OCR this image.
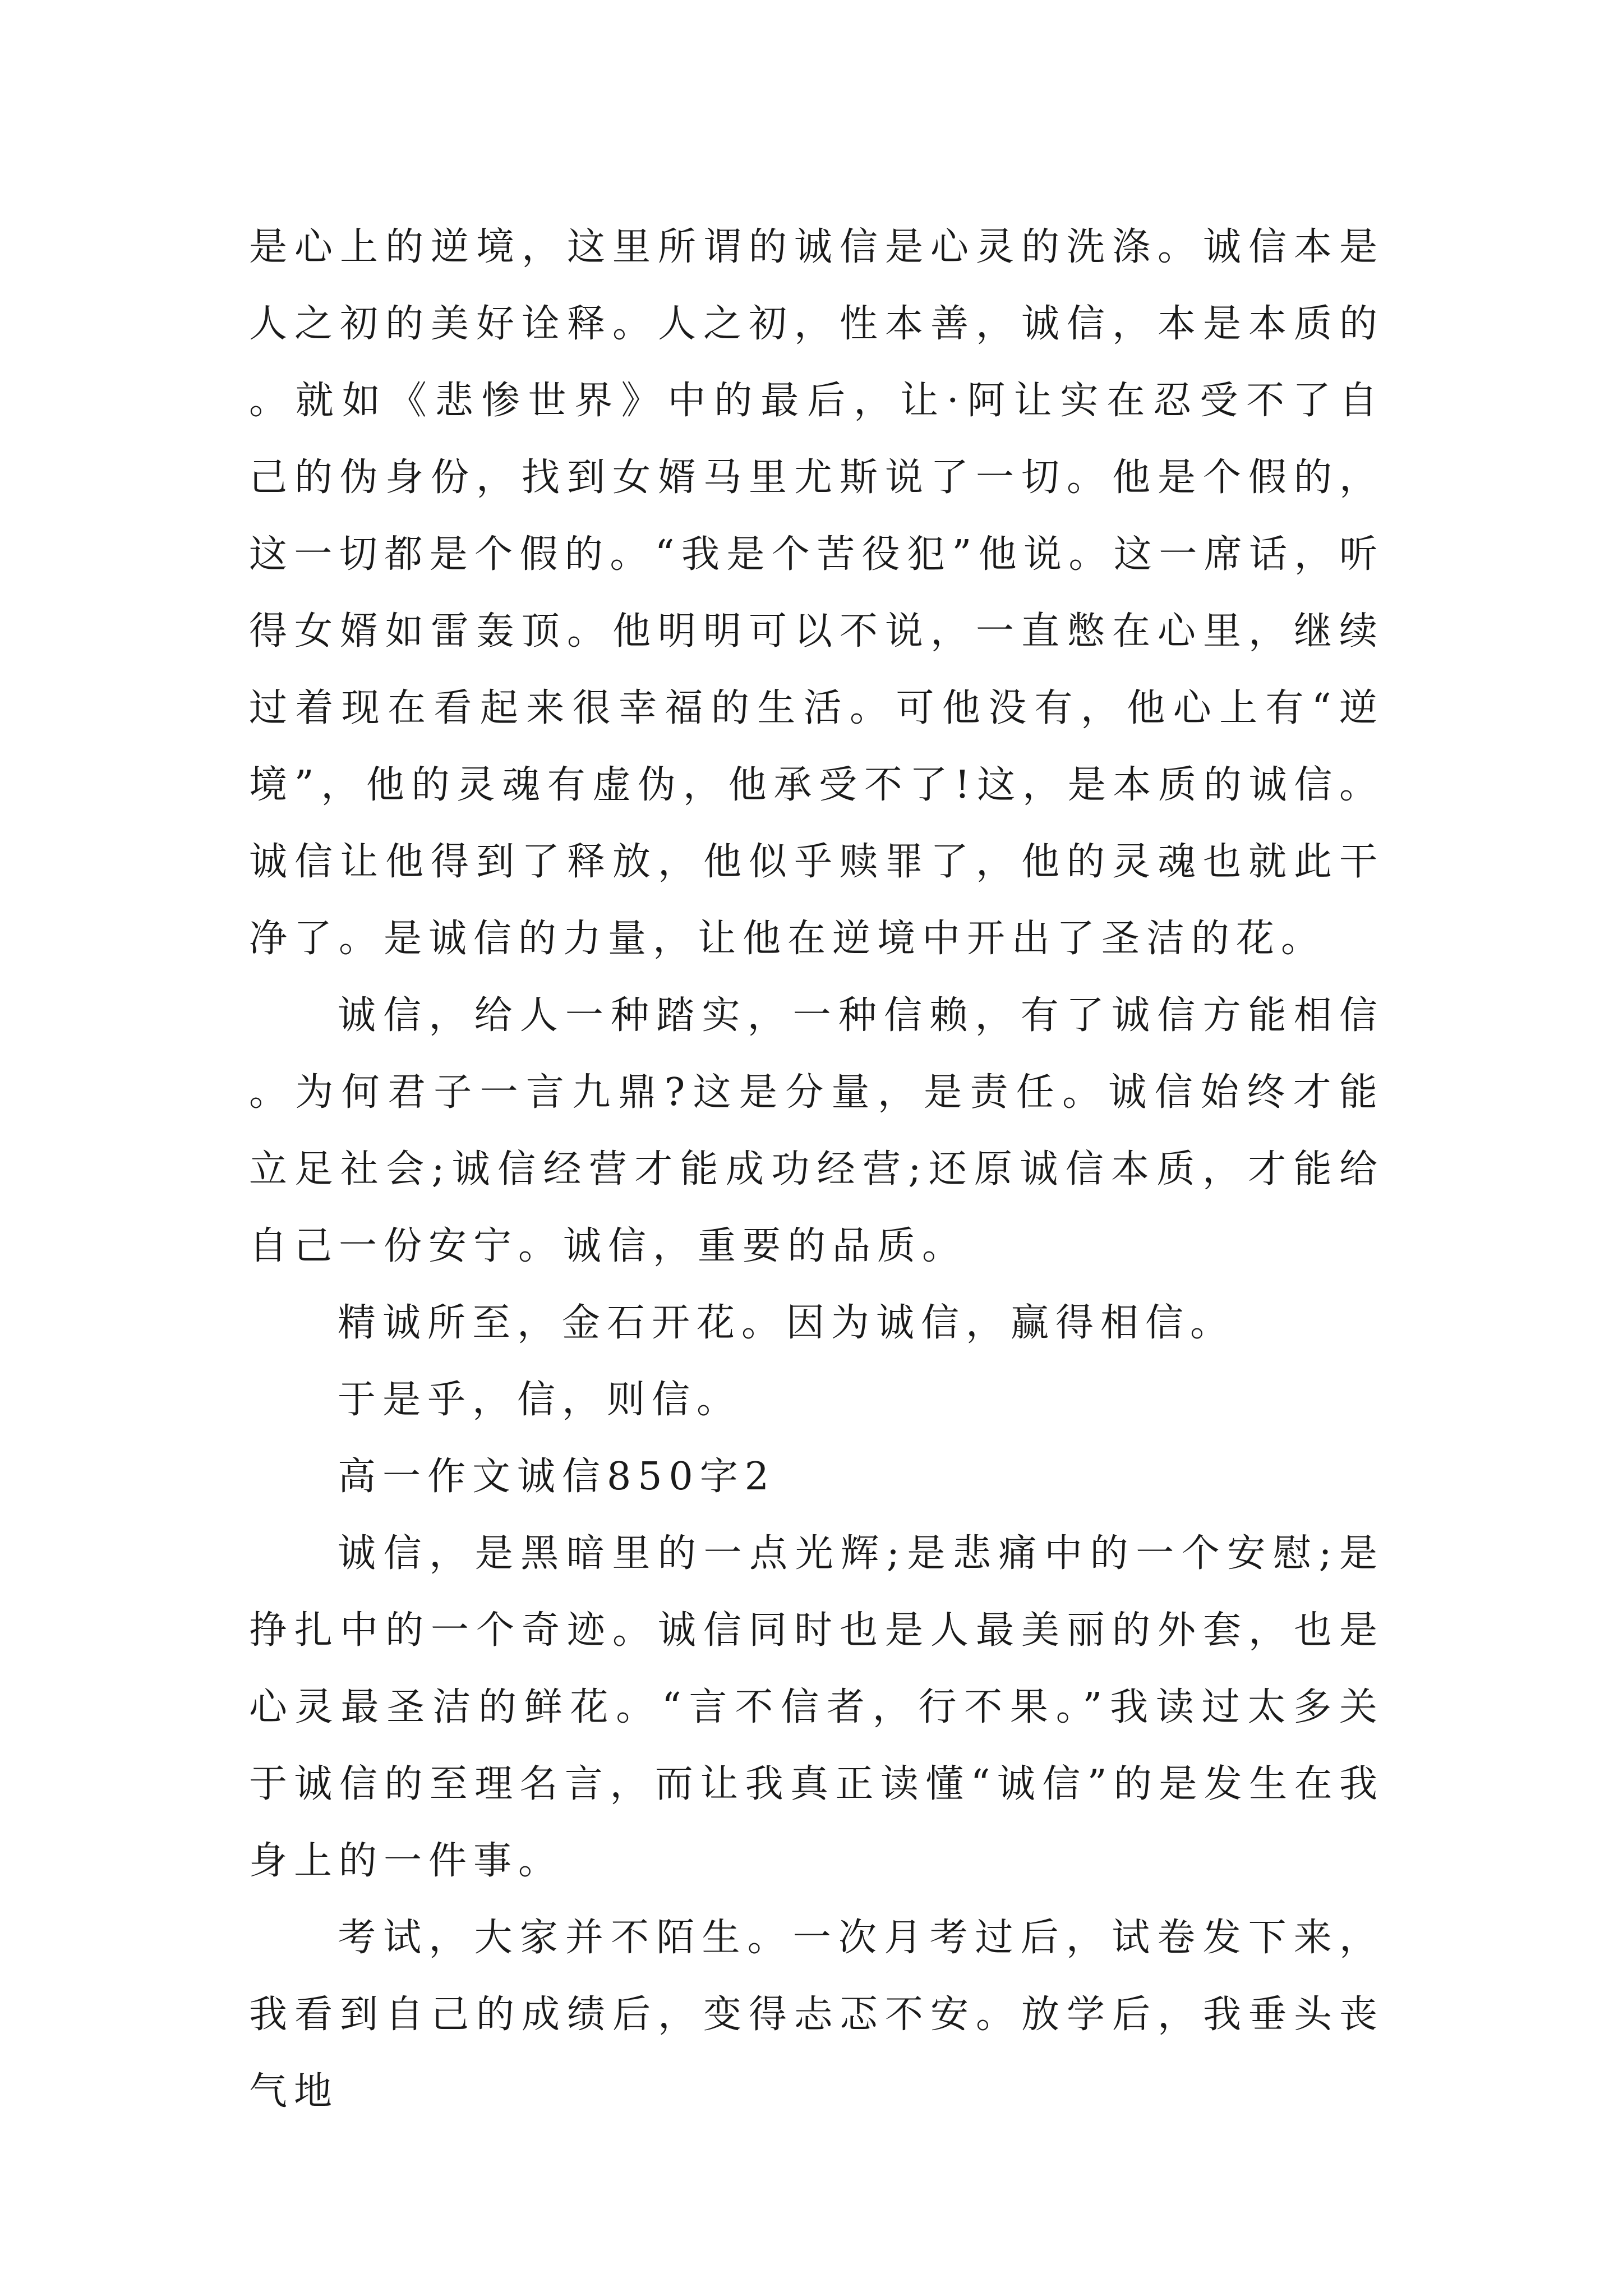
是心上的逆境，这里所谓的诚信是心灵的洗涤。诚信本是人之初的美好诠释。人之初，性本善，诚信，本是本质的。就如《悲惨世界》中的最后，让·阿让实在忍受不了自己的伪身份，找到女婿马里尤斯说了一切。他是个假的，这一切都是个假的。“我是个苦役犯”他说。这一席话，听得女婿如雷轰顶。他明明可以不说，一直憋在心里，继续过着现在看起来很幸福的生活。可他没有，他心上有“逆境”，他的灵魂有虚伪，他承受不了!这，是本质的诚信。诚信让他得到了释放，他似乎赎罪了，他的灵魂也就此干净了。是诚信的力量，让他在逆境中开出了圣洁的花。

诚信，给人一种踏实，一种信赖，有了诚信方能相信。为何君子一言九鼎?这是分量，是责任。诚信始终才能立足社会;诚信经营才能成功经营;还原诚信本质，才能给自己一份安宁。诚信，重要的品质。

精诚所至，金石开花。因为诚信，赢得相信。

于是乎，信，则信。

高一作文诚信850字2

诚信，是黑暗里的一点光辉;是悲痛中的一个安慰;是挣扎中的一个奇迹。诚信同时也是人最美丽的外套，也是心灵最圣洁的鲜花。“言不信者，行不果。”我读过太多关于诚信的至理名言，而让我真正读懂“诚信”的是发生在我身上的一件事。

考试，大家并不陌生。一次月考过后，试卷发下来，我看到自己的成绩后，变得忐忑不安。放学后，我垂头丧气地
